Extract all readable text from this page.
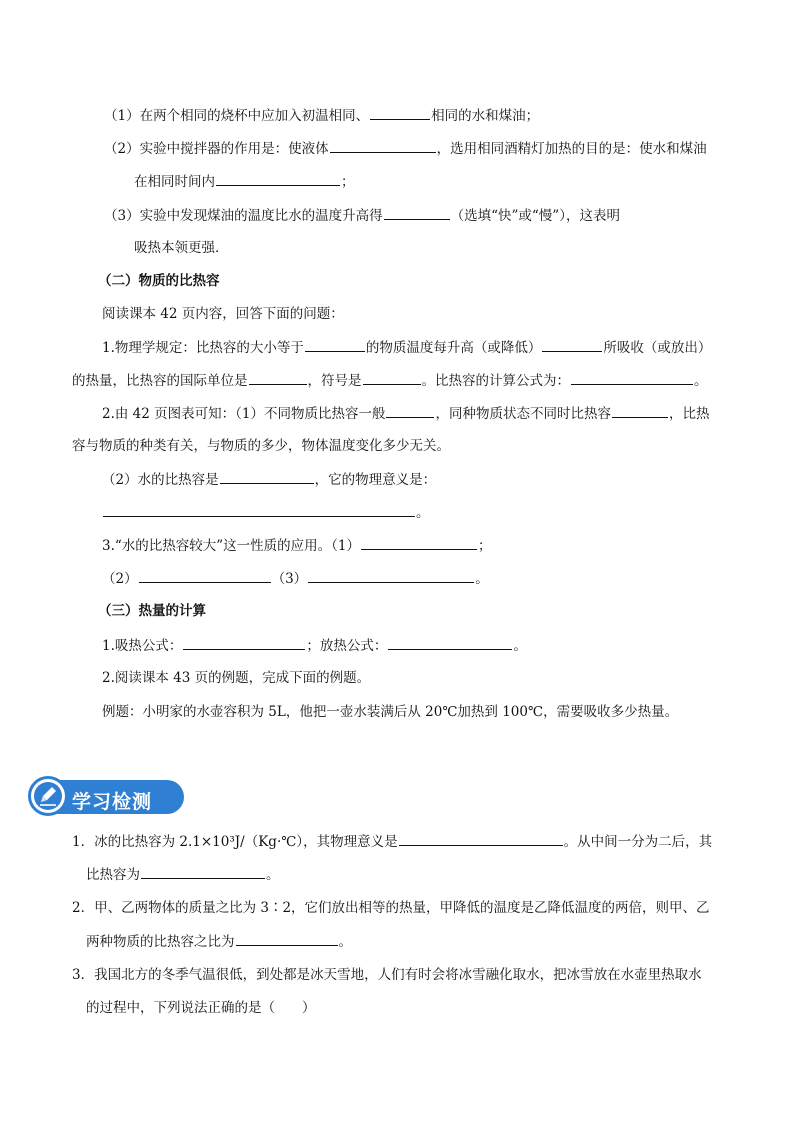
（1）在两个相同的烧杯中应加入初温相同、	相同的水和煤油；
（2）实验中搅拌器的作用是：使液体	，选用相同酒精灯加热的目的是：使水和煤油
在相同时间内	；
（3）实验中发现煤油的温度比水的温度升高得	（选填“快”或“慢”），这表明
吸热本领更强．
（二）物质的比热容
阅读课本 42 页内容，回答下面的问题：
1.物理学规定：比热容的大小等于	的物质温度每升高（或降低）	所吸收（或放出）
的热量，比热容的国际单位是	，符号是	。比热容的计算公式为：	。
2.由 42 页图表可知：（1）不同物质比热容一般	，同种物质状态不同时比热容	，比热
容与物质的种类有关，与物质的多少，物体温度变化多少无关。
（2）水的比热容是	，它的物理意义是：
。
3.“水的比热容较大”这一性质的应用。（1）	；
（2）	（3）	。
（三）热量的计算
1.吸热公式：	；放热公式：	。
2.阅读课本 43 页的例题，完成下面的例题。
例题：小明家的水壶容积为 5L，他把一壶水装满后从 20℃加热到 100℃，需要吸收多少热量。
学习检测
1．冰的比热容为 2.1×10³J/（Kg·℃），其物理意义是	。从中间一分为二后，其
比热容为	。
2．甲、乙两物体的质量之比为 3∶2，它们放出相等的热量，甲降低的温度是乙降低温度的两倍，则甲、乙
两种物质的比热容之比为	。
3．我国北方的冬季气温很低，到处都是冰天雪地，人们有时会将冰雪融化取水，把冰雪放在水壶里热取水
的过程中，下列说法正确的是（　　）
